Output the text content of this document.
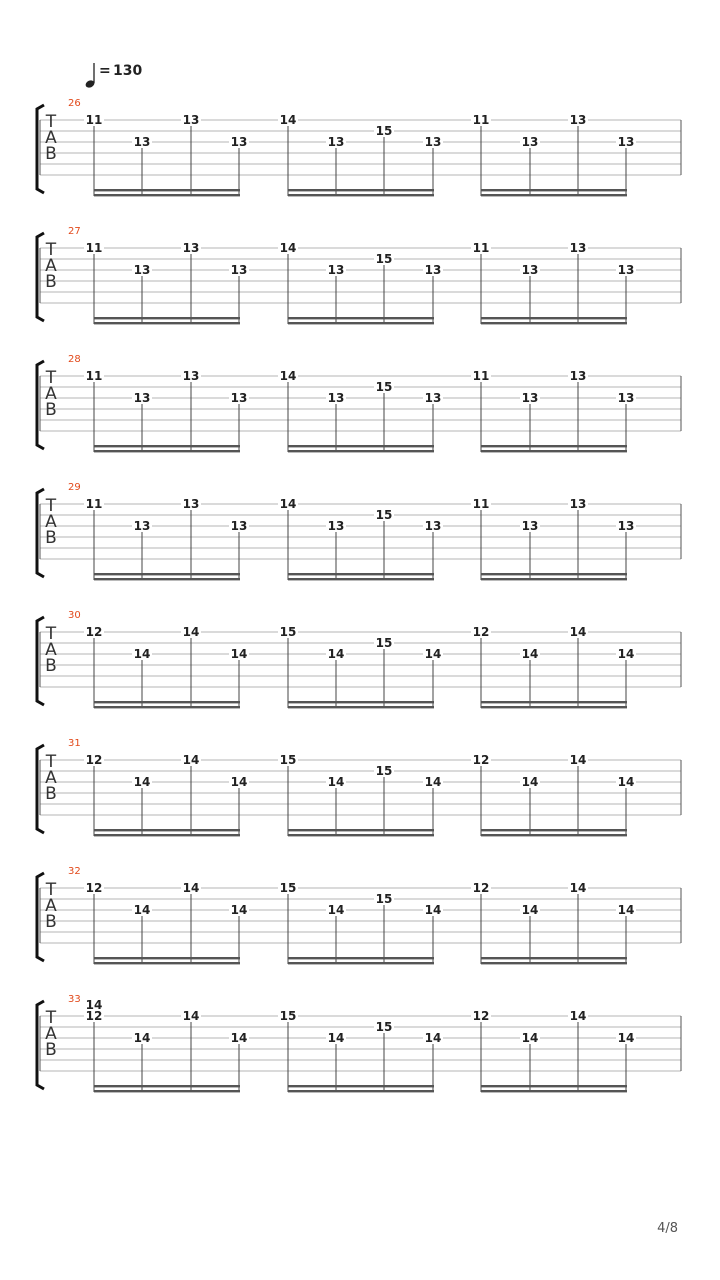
= 130
T
A
B
26
11
13
13
13
14
13
15
13
11
13
13
13
T
A
B
27
11
13
13
13
14
13
15
13
11
13
13
13
T
A
B
28
11
13
13
13
14
13
15
13
11
13
13
13
T
A
B
29
11
13
13
13
14
13
15
13
11
13
13
13
T
A
B
30
12
14
14
14
15
14
15
14
12
14
14
14
T
A
B
31
12
14
14
14
15
14
15
14
12
14
14
14
T
A
B
32
12
14
14
14
15
14
15
14
12
14
14
14
T
A
B
33
12
14
14
14
14
15
14
15
14
12
14
14
14
4/8
